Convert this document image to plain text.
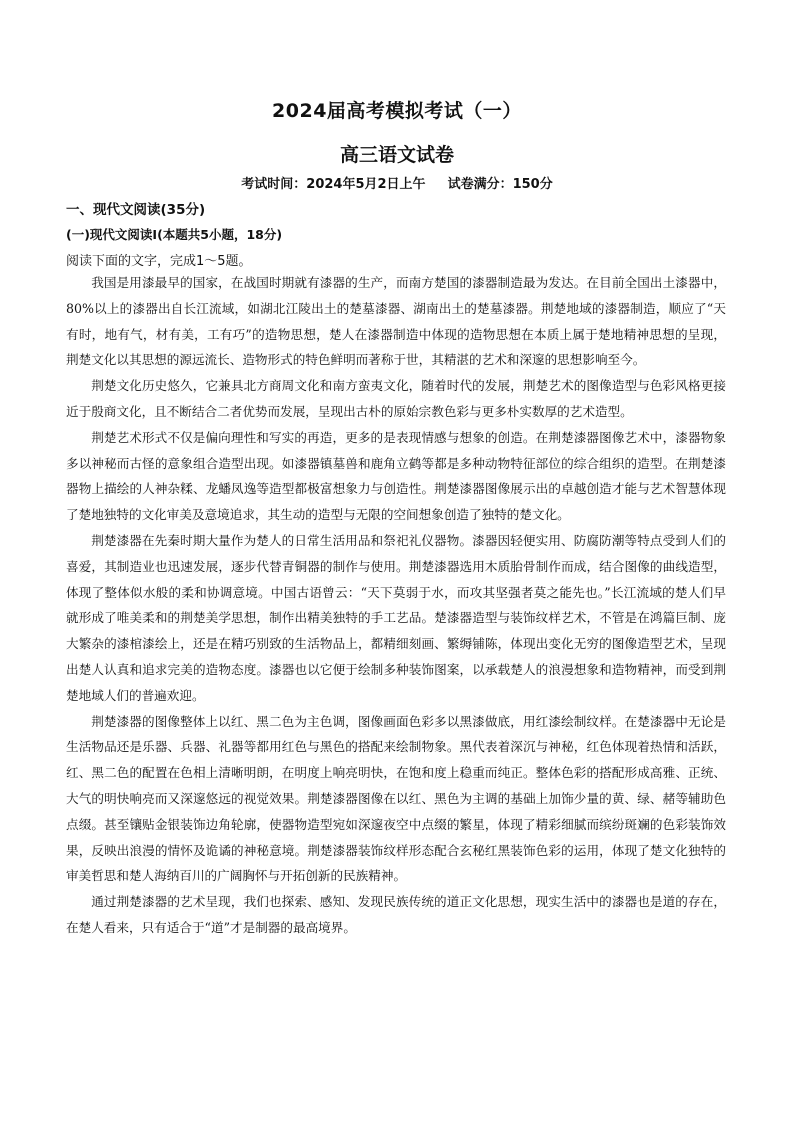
2024届高考模拟考试（一）
高三语文试卷
考试时间：2024年5月2日上午 试卷满分：150分
一、现代文阅读(35分)
(一)现代文阅读Ⅰ(本题共5小题，18分)
阅读下面的文字，完成1～5题。

我国是用漆最早的国家，在战国时期就有漆器的生产，而南方楚国的漆器制造最为发达。在目前全国出土漆器中，80%以上的漆器出自长江流域，如湖北江陵出土的楚墓漆器、湖南出土的楚墓漆器。荆楚地域的漆器制造，顺应了“天有时，地有气，材有美，工有巧”的造物思想，楚人在漆器制造中体现的造物思想在本质上属于楚地精神思想的呈现，荆楚文化以其思想的源远流长、造物形式的特色鲜明而著称于世，其精湛的艺术和深邃的思想影响至今。

荆楚文化历史悠久，它兼具北方商周文化和南方蛮夷文化，随着时代的发展，荆楚艺术的图像造型与色彩风格更接近于殷商文化，且不断结合二者优势而发展，呈现出古朴的原始宗教色彩与更多朴实数厚的艺术造型。

荆楚艺术形式不仅是偏向理性和写实的再造，更多的是表现情感与想象的创造。在荆楚漆器图像艺术中，漆器物象多以神秘而古怪的意象组合造型出现。如漆器镇墓兽和鹿角立鹤等都是多种动物特征部位的综合组织的造型。在荆楚漆器物上描绘的人神杂糅、龙蟠凤逸等造型都极富想象力与创造性。荆楚漆器图像展示出的卓越创造才能与艺术智慧体现了楚地独特的文化审美及意境追求，其生动的造型与无限的空间想象创造了独特的楚文化。

荆楚漆器在先秦时期大量作为楚人的日常生活用品和祭祀礼仪器物。漆器因轻便实用、防腐防潮等特点受到人们的喜爱，其制造业也迅速发展，逐步代替青铜器的制作与使用。荆楚漆器选用木质胎骨制作而成，结合图像的曲线造型，体现了整体似水般的柔和协调意境。中国古语曾云：“天下莫弱于水，而攻其坚强者莫之能先也。”长江流域的楚人们早就形成了唯美柔和的荆楚美学思想，制作出精美独特的手工艺品。楚漆器造型与装饰纹样艺术，不管是在鸿篇巨制、庞大繁杂的漆棺漆绘上，还是在精巧别致的生活物品上，都精细刻画、繁缛铺陈，体现出变化无穷的图像造型艺术，呈现出楚人认真和追求完美的造物态度。漆器也以它便于绘制多种装饰图案，以承载楚人的浪漫想象和造物精神，而受到荆楚地域人们的普遍欢迎。

荆楚漆器的图像整体上以红、黑二色为主色调，图像画面色彩多以黑漆做底，用红漆绘制纹样。在楚漆器中无论是生活物品还是乐器、兵器、礼器等都用红色与黑色的搭配来绘制物象。黑代表着深沉与神秘，红色体现着热情和活跃，红、黑二色的配置在色相上清晰明朗，在明度上响亮明快，在饱和度上稳重而纯正。整体色彩的搭配形成高雅、正统、大气的明快响亮而又深邃悠远的视觉效果。荆楚漆器图像在以红、黑色为主调的基础上加饰少量的黄、绿、赭等辅助色点缀。甚至镶贴金银装饰边角轮廓，使器物造型宛如深邃夜空中点缀的繁星，体现了精彩细腻而缤纷斑斓的色彩装饰效果，反映出浪漫的情怀及诡谲的神秘意境。荆楚漆器装饰纹样形态配合玄秘红黑装饰色彩的运用，体现了楚文化独特的审美哲思和楚人海纳百川的广阔胸怀与开拓创新的民族精神。

通过荆楚漆器的艺术呈现，我们也探索、感知、发现民族传统的道正文化思想，现实生活中的漆器也是道的存在，在楚人看来，只有适合于“道”才是制器的最高境界。
